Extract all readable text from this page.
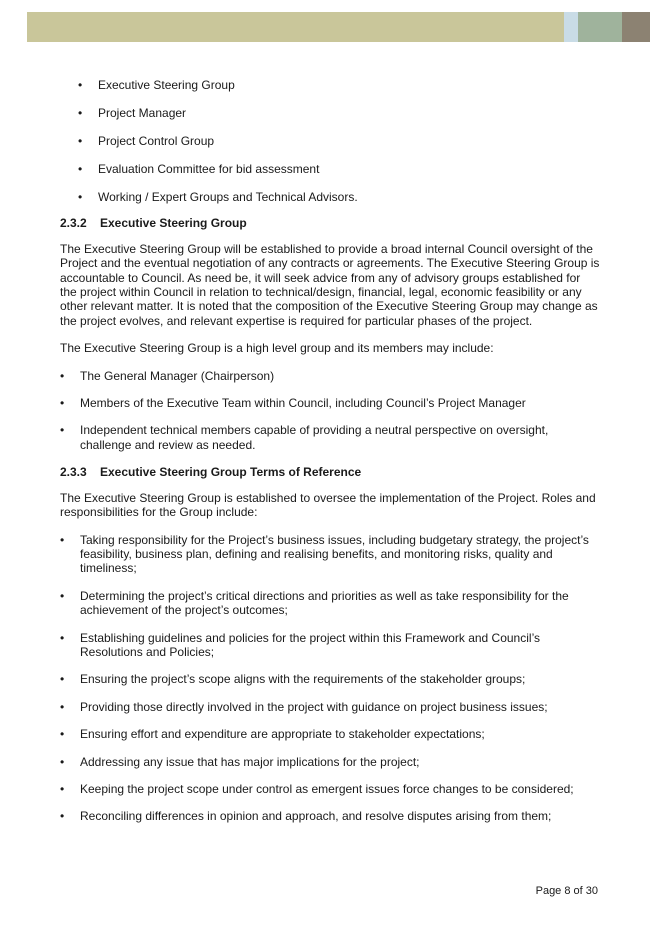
• Executive Steering Group
• Project Manager
• Project Control Group
• Evaluation Committee for bid assessment
• Working / Expert Groups and Technical Advisors.
2.3.2 Executive Steering Group

The Executive Steering Group will be established to provide a broad internal Council oversight of the Project and the eventual negotiation of any contracts or agreements. The Executive Steering Group is accountable to Council. As need be, it will seek advice from any of advisory groups established for the project within Council in relation to technical/design, financial, legal, economic feasibility or any other relevant matter. It is noted that the composition of the Executive Steering Group may change as the project evolves, and relevant expertise is required for particular phases of the project.

The Executive Steering Group is a high level group and its members may include:

• The General Manager (Chairperson)
• Members of the Executive Team within Council, including Council’s Project Manager
• Independent technical members capable of providing a neutral perspective on oversight, challenge and review as needed.
2.3.3 Executive Steering Group Terms of Reference

The Executive Steering Group is established to oversee the implementation of the Project. Roles and responsibilities for the Group include:

• Taking responsibility for the Project’s business issues, including budgetary strategy, the project’s feasibility, business plan, defining and realising benefits, and monitoring risks, quality and timeliness;
• Determining the project’s critical directions and priorities as well as take responsibility for the achievement of the project’s outcomes;
• Establishing guidelines and policies for the project within this Framework and Council’s Resolutions and Policies;
• Ensuring the project’s scope aligns with the requirements of the stakeholder groups;
• Providing those directly involved in the project with guidance on project business issues;
• Ensuring effort and expenditure are appropriate to stakeholder expectations;
• Addressing any issue that has major implications for the project;
• Keeping the project scope under control as emergent issues force changes to be considered;
• Reconciling differences in opinion and approach, and resolve disputes arising from them;
Page 8 of 30
